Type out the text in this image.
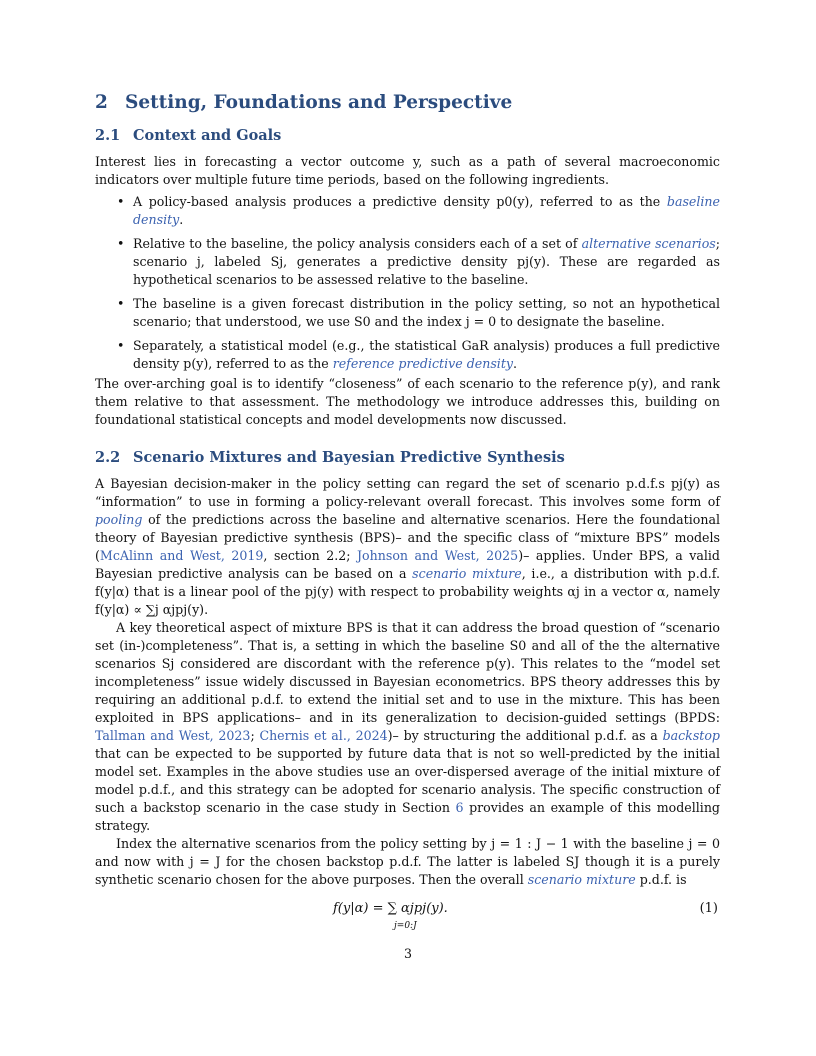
2 Setting, Foundations and Perspective
2.1 Context and Goals

Interest lies in forecasting a vector outcome y, such as a path of several macroeconomic indicators over multiple future time periods, based on the following ingredients.

• A policy-based analysis produces a predictive density p0(y), referred to as the baseline density.
• Relative to the baseline, the policy analysis considers each of a set of alternative scenarios; scenario j, labeled Sj, generates a predictive density pj(y). These are regarded as hypothetical scenarios to be assessed relative to the baseline.
• The baseline is a given forecast distribution in the policy setting, so not an hypothetical scenario; that understood, we use S0 and the index j = 0 to designate the baseline.
• Separately, a statistical model (e.g., the statistical GaR analysis) produces a full predictive density p(y), referred to as the reference predictive density.

The over-arching goal is to identify “closeness” of each scenario to the reference p(y), and rank them relative to that assessment. The methodology we introduce addresses this, building on foundational statistical concepts and model developments now discussed.

2.2 Scenario Mixtures and Bayesian Predictive Synthesis

A Bayesian decision-maker in the policy setting can regard the set of scenario p.d.f.s pj(y) as “information” to use in forming a policy-relevant overall forecast. This involves some form of pooling of the predictions across the baseline and alternative scenarios. Here the foundational theory of Bayesian predictive synthesis (BPS)– and the specific class of “mixture BPS” models (McAlinn and West, 2019, section 2.2; Johnson and West, 2025)– applies. Under BPS, a valid Bayesian predictive analysis can be based on a scenario mixture, i.e., a distribution with p.d.f. f(y|α) that is a linear pool of the pj(y) with respect to probability weights αj in a vector α, namely f(y|α) ∝ ∑j αjpj(y).

A key theoretical aspect of mixture BPS is that it can address the broad question of “scenario set (in-)completeness”. That is, a setting in which the baseline S0 and all of the the alternative scenarios Sj considered are discordant with the reference p(y). This relates to the “model set incompleteness” issue widely discussed in Bayesian econometrics. BPS theory addresses this by requiring an additional p.d.f. to extend the initial set and to use in the mixture. This has been exploited in BPS applications– and in its generalization to decision-guided settings (BPDS: Tallman and West, 2023; Chernis et al., 2024)– by structuring the additional p.d.f. as a backstop that can be expected to be supported by future data that is not so well-predicted by the initial model set. Examples in the above studies use an over-dispersed average of the initial mixture of model p.d.f., and this strategy can be adopted for scenario analysis. The specific construction of such a backstop scenario in the case study in Section 6 provides an example of this modelling strategy.

Index the alternative scenarios from the policy setting by j = 1 : J − 1 with the baseline j = 0 and now with j = J for the chosen backstop p.d.f. The latter is labeled SJ though it is a purely synthetic scenario chosen for the above purposes. Then the overall scenario mixture p.d.f. is

f(y|α) = ∑ αjpj(y).
j=0:J
(1)
3
